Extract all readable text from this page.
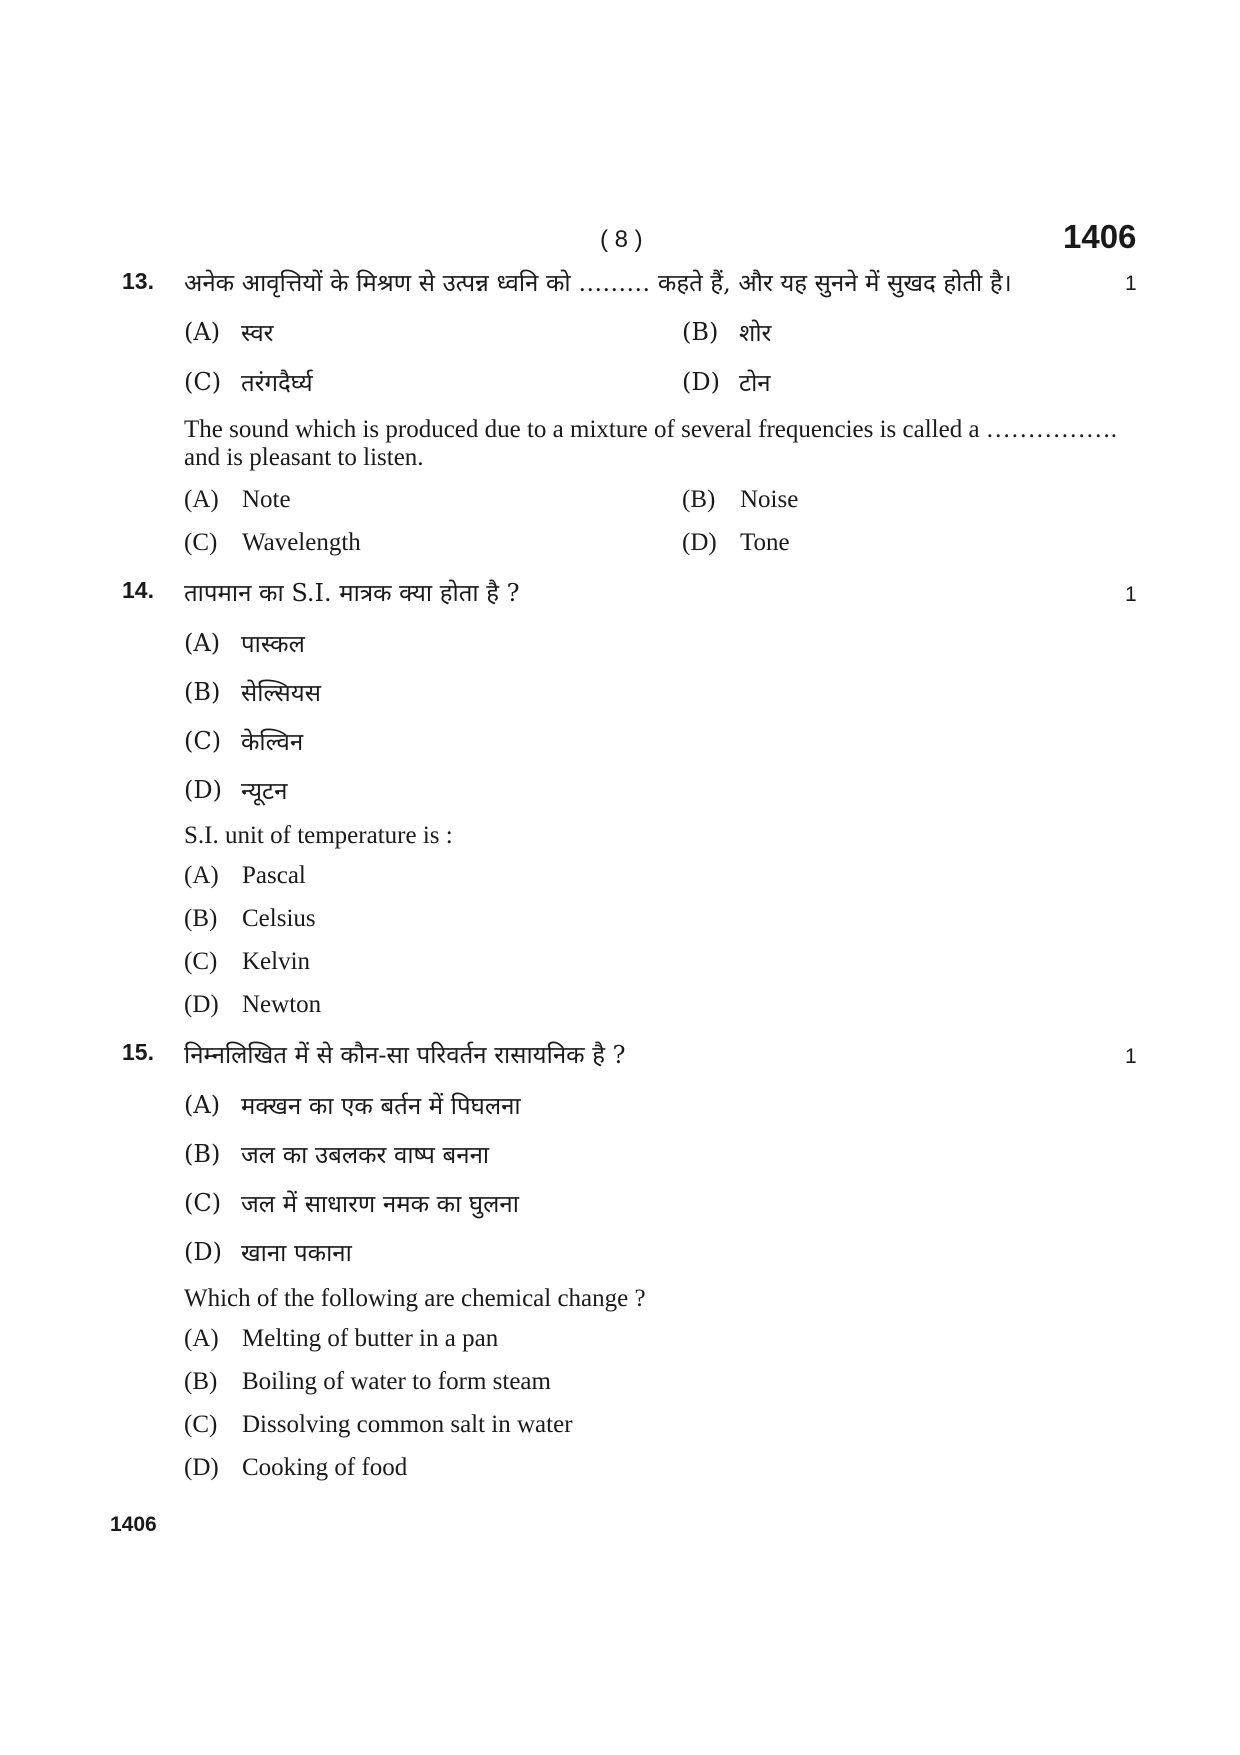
( 8 )	1406
13. अनेक आवृत्तियों के मिश्रण से उत्पन्न ध्वनि को ……… कहते हैं, और यह सुनने में सुखद होती है।	1
(A) स्वर	(B) शोर
(C) तरंगदैर्घ्य	(D) टोन
The sound which is produced due to a mixture of several frequencies is called a ……………. and is pleasant to listen.
(A) Note	(B) Noise
(C) Wavelength	(D) Tone
14. तापमान का S.I. मात्रक क्या होता है ?	1
(A) पास्कल
(B) सेल्सियस
(C) केल्विन
(D) न्यूटन
S.I. unit of temperature is :
(A) Pascal
(B) Celsius
(C) Kelvin
(D) Newton
15. निम्नलिखित में से कौन-सा परिवर्तन रासायनिक है ?	1
(A) मक्खन का एक बर्तन में पिघलना
(B) जल का उबलकर वाष्प बनना
(C) जल में साधारण नमक का घुलना
(D) खाना पकाना
Which of the following are chemical change ?
(A) Melting of butter in a pan
(B) Boiling of water to form steam
(C) Dissolving common salt in water
(D) Cooking of food
1406
